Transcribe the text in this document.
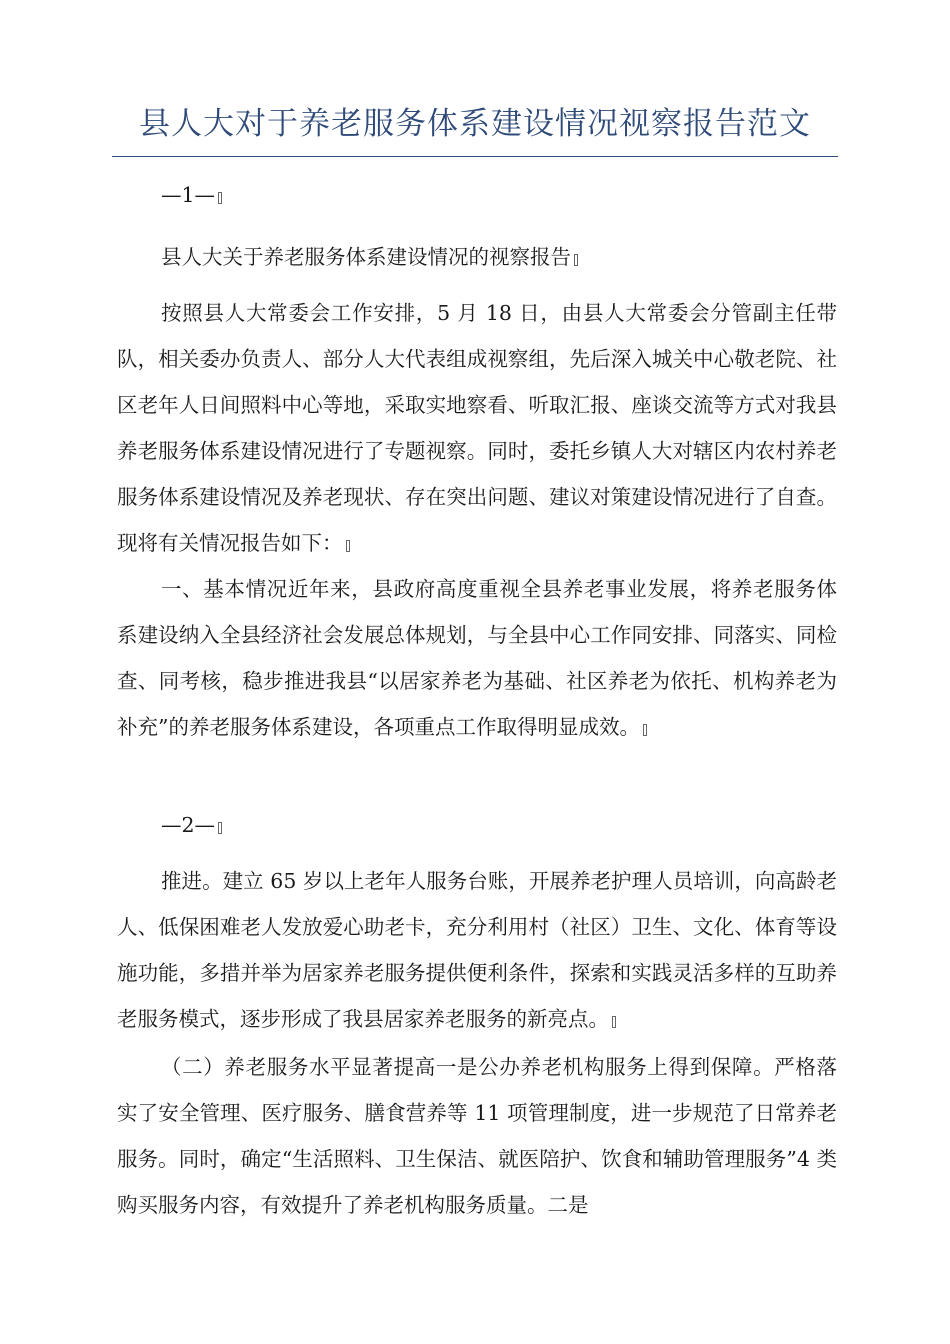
县人大对于养老服务体系建设情况视察报告范文

—1—

县人大关于养老服务体系建设情况的视察报告

按照县人大常委会工作安排，5 月 18 日，由县人大常委会分管副主任带队，相关委办负责人、部分人大代表组成视察组，先后深入城关中心敬老院、社区老年人日间照料中心等地，采取实地察看、听取汇报、座谈交流等方式对我县养老服务体系建设情况进行了专题视察。同时，委托乡镇人大对辖区内农村养老服务体系建设情况及养老现状、存在突出问题、建议对策建设情况进行了自查。现将有关情况报告如下：

一、基本情况近年来，县政府高度重视全县养老事业发展，将养老服务体系建设纳入全县经济社会发展总体规划，与全县中心工作同安排、同落实、同检查、同考核，稳步推进我县“以居家养老为基础、社区养老为依托、机构养老为补充”的养老服务体系建设，各项重点工作取得明显成效。

—2—

推进。建立 65 岁以上老年人服务台账，开展养老护理人员培训，向高龄老人、低保困难老人发放爱心助老卡，充分利用村（社区）卫生、文化、体育等设施功能，多措并举为居家养老服务提供便利条件，探索和实践灵活多样的互助养老服务模式，逐步形成了我县居家养老服务的新亮点。

（二）养老服务水平显著提高一是公办养老机构服务上得到保障。严格落实了安全管理、医疗服务、膳食营养等 11 项管理制度，进一步规范了日常养老服务。同时，确定“生活照料、卫生保洁、就医陪护、饮食和辅助管理服务”4 类购买服务内容，有效提升了养老机构服务质量。二是
